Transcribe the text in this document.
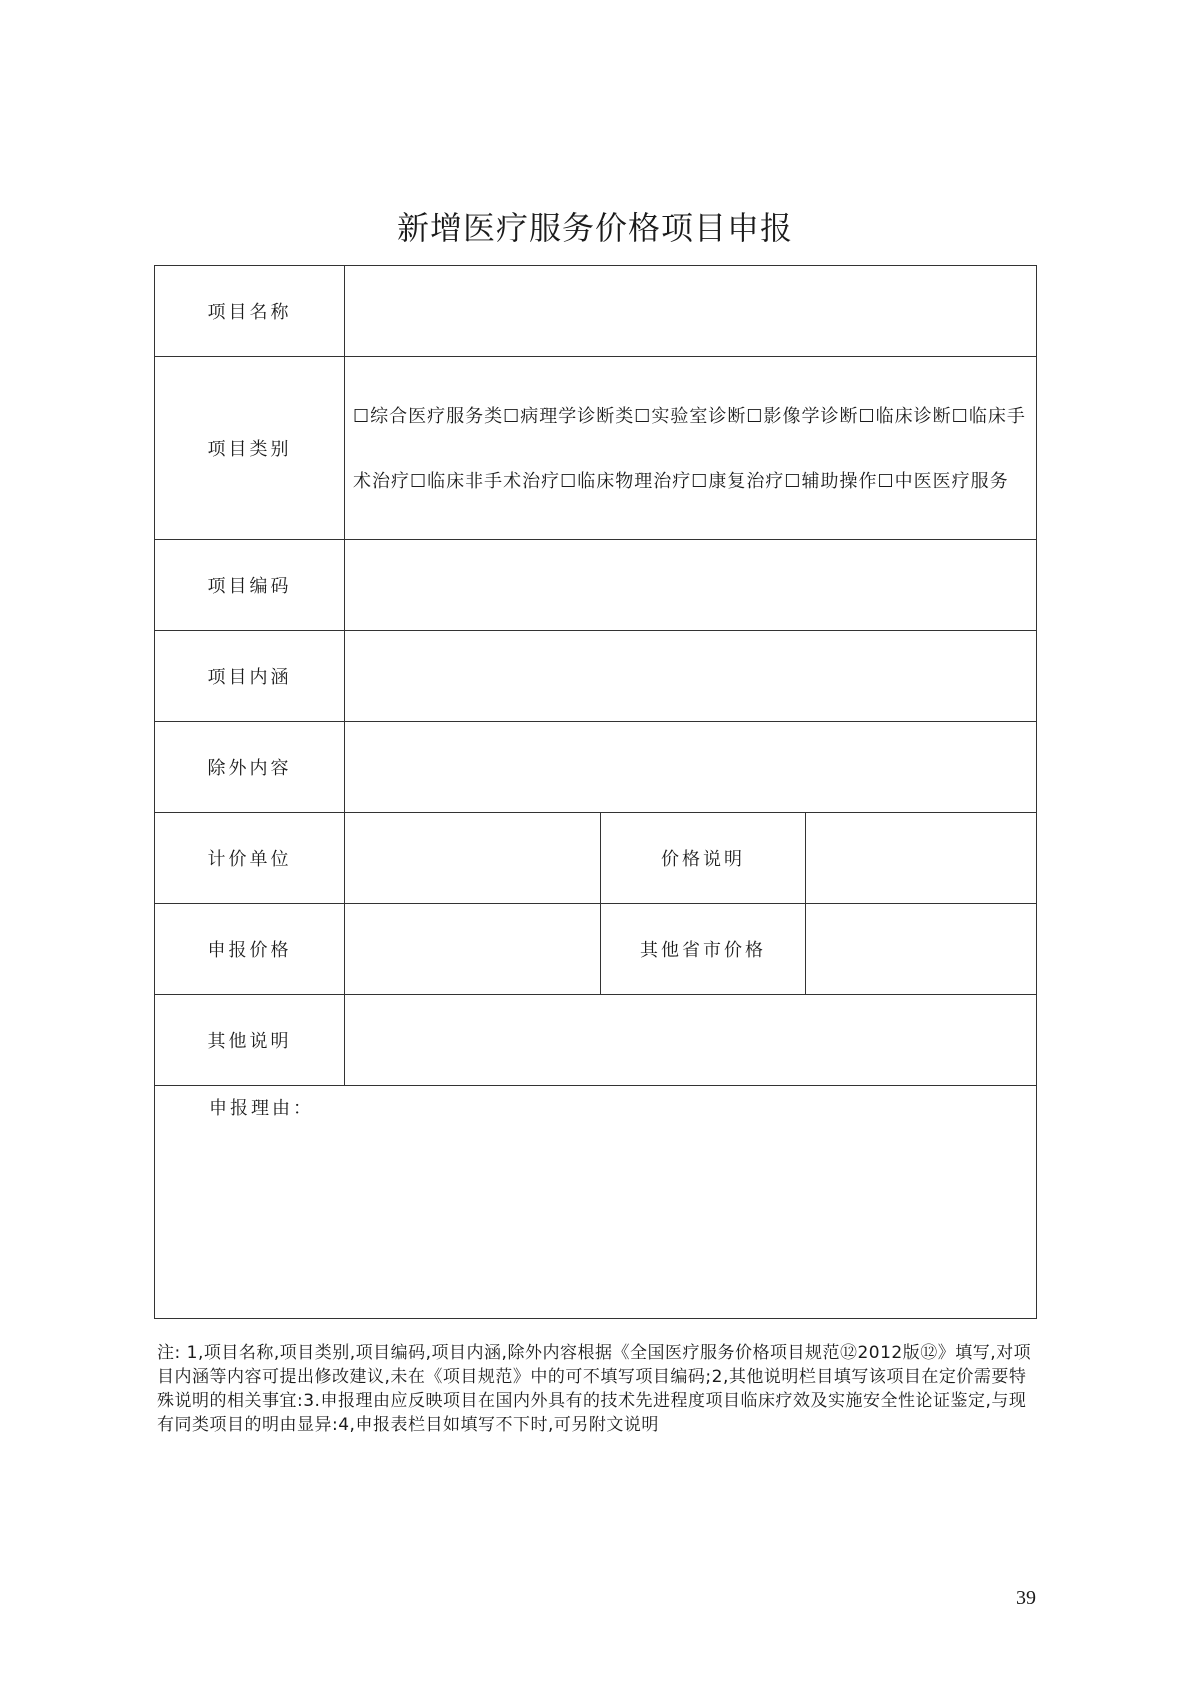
新增医疗服务价格项目申报
项目名称			
项目类别	☐综合医疗服务类☐病理学诊断类☐实验室诊断☐影像学诊断☐临床诊断☐临床手术治疗☐临床非手术治疗☐临床物理治疗☐康复治疗☐辅助操作☐中医医疗服务		

项目编码			
项目内涵			
除外内容			
计价单位		价格说明	
申报价格		其他省市价格	
其他说明			

申报理由：			
注: 1,项目名称,项目类别,项目编码,项目内涵,除外内容根据《全国医疗服务价格项目规范⑫2012版⑫》填写,对项目内涵等内容可提出修改建议,未在《项目规范》中的可不填写项目编码;2,其他说明栏目填写该项目在定价需要特殊说明的相关事宜:3.申报理由应反映项目在国内外具有的技术先进程度项目临床疗效及实施安全性论证鉴定,与现有同类项目的明由显异:4,申报表栏目如填写不下时,可另附文说明
39
